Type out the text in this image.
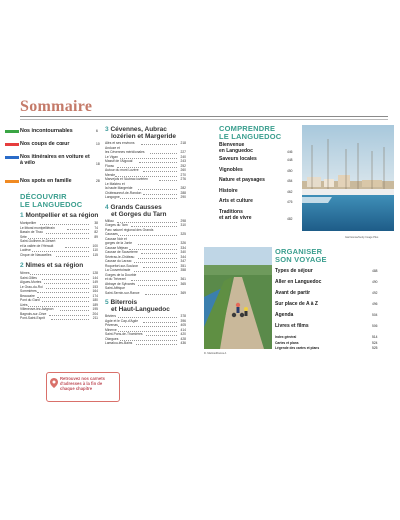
Sommaire
Nos incontournables	6
Nos coups de cœur	10
Nos itinéraires en voiture et à vélo	18
Nos spots en famille	28
DÉCOUVRIR
LE LANGUEDOC
1 Montpellier et sa région
Montpellier	38
Le littoral montpelliérain	74
Bassin de Thau	82
Sète	89
Saint-Guilhem-le-Désert
et la vallée de l'Hérault	100
Lodève	110
Cirque de Navacelles	115
2 Nîmes et sa région
Nîmes	128
Saint-Gilles	144
Aigues-Mortes	149
Le Grau-du-Roi	153
Sommières	164
Beaucaire	174
Pont du Gard	180
Uzès	189
Villeneuve-lez-Avignon	195
Bagnols-sur-Cèze	204
Pont-Saint-Esprit	211
Retrouvez nos carnets d'adresses à la fin de chaque chapitre
3 Cévennes, Aubrac
lozérien et Margeride
Alès et ses environs	218
Anduze et
les Cévennes méridionales	227
Le Vigan	240
Massif de l'Aigoual	243
Florac	252
Autour du mont Lozère	260
Mende	270
Marvejols et l'Aubrac lozérien	276
Le Malzieu et
la haute Margeride	282
Châteauneuf-de-Randon	288
Langogne	290
4 Grands Causses
et Gorges du Tarn
Millau	298
Gorges du Tarn	310
Parc naturel régional des Grands
Causses	325
Causse Noir et
gorges de la Jonte	326
Causse Méjean	334
Causse de Sauveterre	340
Sévérac-le-Château	344
Causse du Larzac	347
Roquefort-sur-Soulzon	351
La Couvertoirade	358
Gorges de la Dourbie
et du Trévezel	361
Abbaye de Sylvanès	365
Saint-Affrique
Saint-Sernin-sur-Rance	369
5 Biterrois
et Haut-Languedoc
Béziers	378
Agde et le Cap-d'Agde	396
Pézenas	405
Minerve	414
Saint-Pons-de-Thomières	420
Olargues	428
Lamalou-les-Bains	436
COMPRENDRE
LE LANGUEDOC
Bienvenue
en Languedoc	446
Saveurs locales	448
Vignobles	450
Nature et paysages	454
Histoire	462
Arts et culture	476
Traditions
et art de vivre	482
Garrisonse/Getty Image Plus
D. Marinedfranca A
ORGANISER
SON VOYAGE
Types de séjour	488
Aller en Languedoc	490
Avant de partir	492
Sur place de A à Z	496
Agenda	504
Livres et films	506
Index général	514
Cartes et plans	524
Légende des cartes et plans	525
